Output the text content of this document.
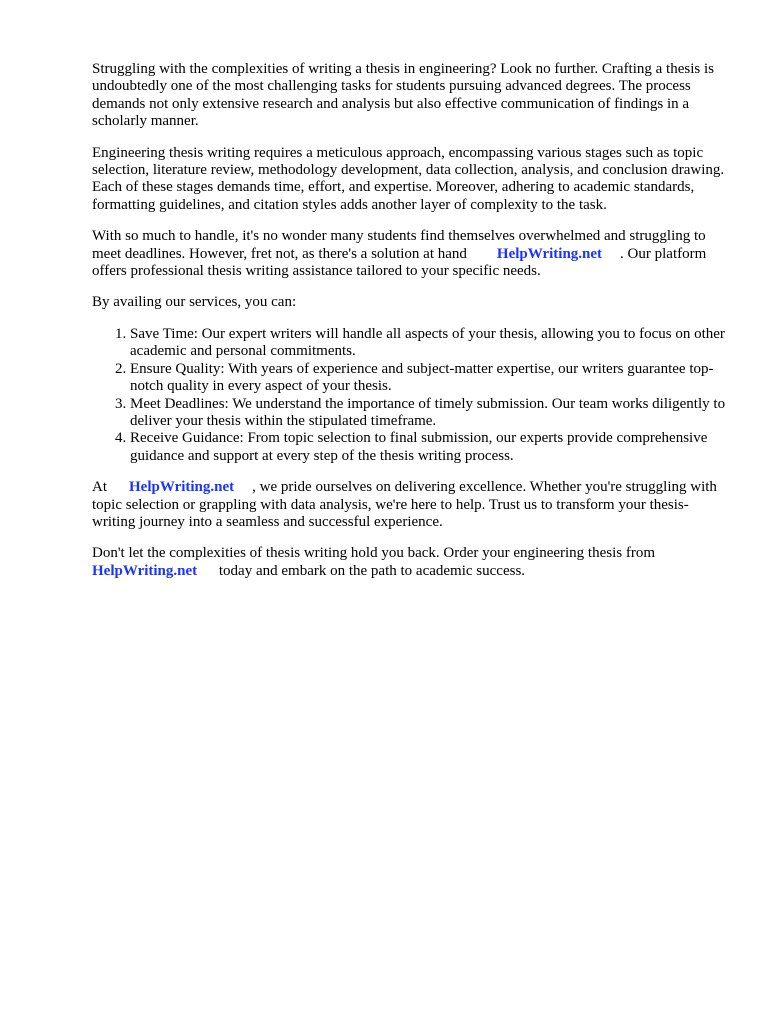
Struggling with the complexities of writing a thesis in engineering? Look no further. Crafting a thesis is undoubtedly one of the most challenging tasks for students pursuing advanced degrees. The process demands not only extensive research and analysis but also effective communication of findings in a scholarly manner.

Engineering thesis writing requires a meticulous approach, encompassing various stages such as topic selection, literature review, methodology development, data collection, analysis, and conclusion drawing. Each of these stages demands time, effort, and expertise. Moreover, adhering to academic standards, formatting guidelines, and citation styles adds another layer of complexity to the task.

With so much to handle, it's no wonder many students find themselves overwhelmed and struggling to meet deadlines. However, fret not, as there's a solution at hand HelpWriting.net . Our platform offers professional thesis writing assistance tailored to your specific needs.

By availing our services, you can:

1. Save Time: Our expert writers will handle all aspects of your thesis, allowing you to focus on other academic and personal commitments.
2. Ensure Quality: With years of experience and subject-matter expertise, our writers guarantee top-notch quality in every aspect of your thesis.
3. Meet Deadlines: We understand the importance of timely submission. Our team works diligently to deliver your thesis within the stipulated timeframe.
4. Receive Guidance: From topic selection to final submission, our experts provide comprehensive guidance and support at every step of the thesis writing process.

At HelpWriting.net , we pride ourselves on delivering excellence. Whether you're struggling with topic selection or grappling with data analysis, we're here to help. Trust us to transform your thesis-writing journey into a seamless and successful experience.

Don't let the complexities of thesis writing hold you back. Order your engineering thesis from HelpWriting.net today and embark on the path to academic success.
